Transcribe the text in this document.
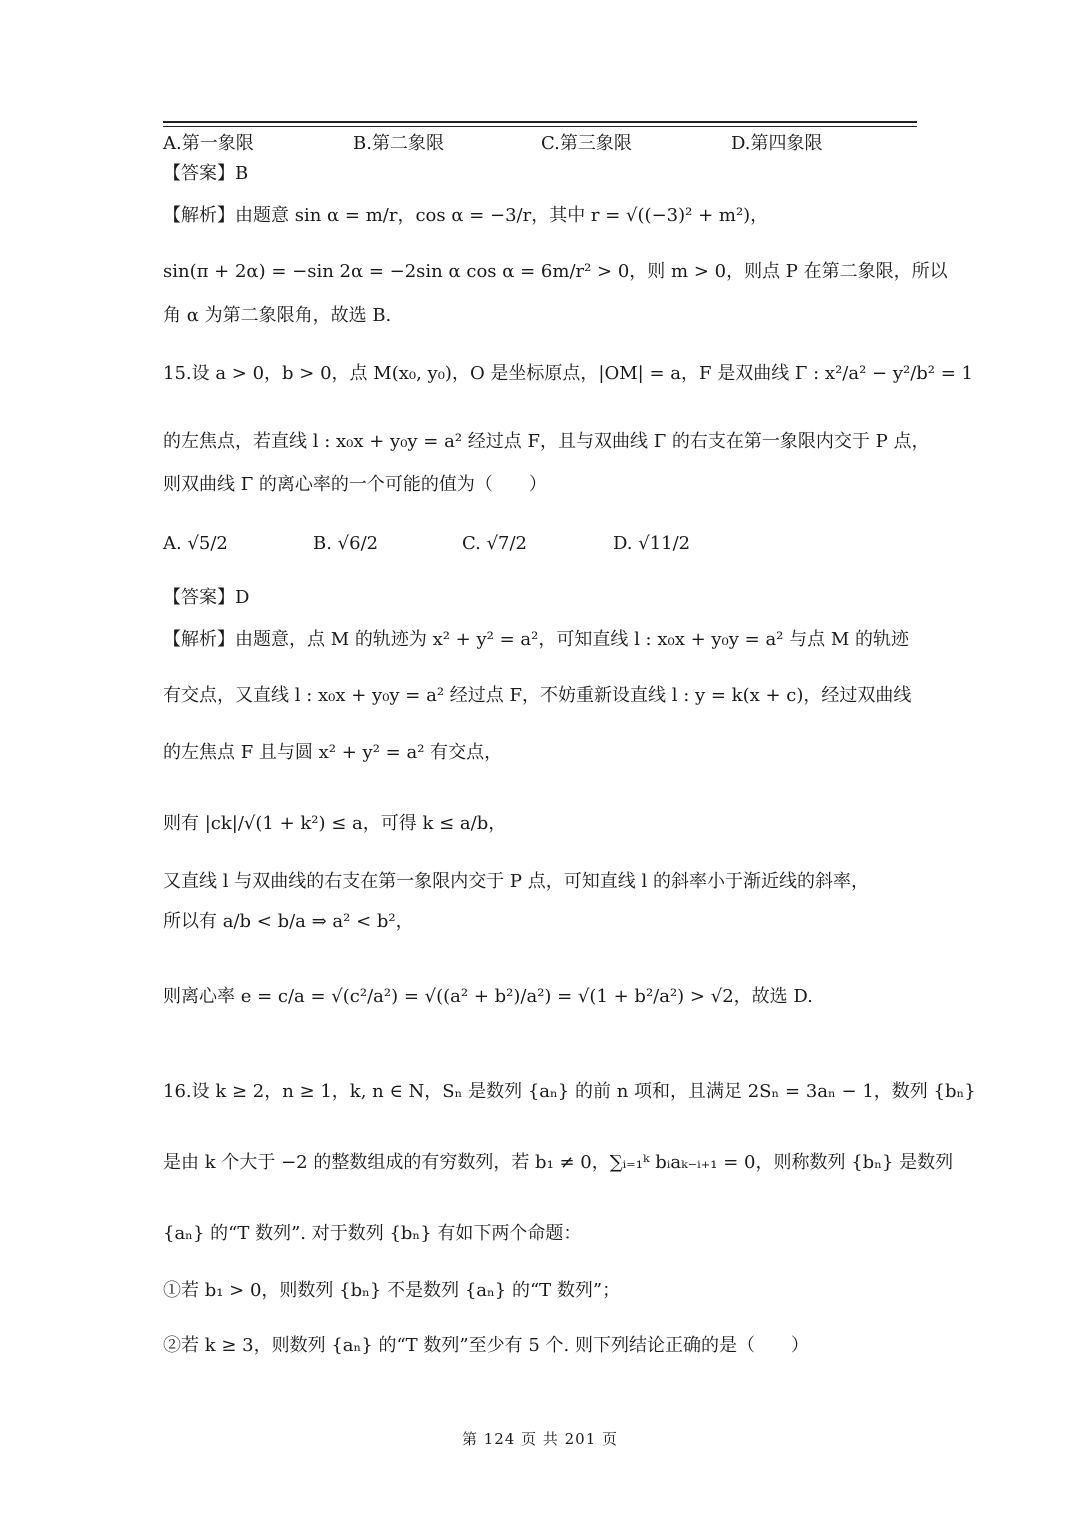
A.第一象限	B.第二象限	C.第三象限	D.第四象限
【答案】B
【解析】由题意 sin α = m/r，cos α = −3/r，其中 r = √((−3)² + m²)，
sin(π + 2α) = −sin 2α = −2sin α cos α = 6m/r² > 0，则 m > 0，则点 P 在第二象限，所以
角 α 为第二象限角，故选 B.
15.设 a > 0，b > 0，点 M(x₀, y₀)，O 是坐标原点，|OM| = a，F 是双曲线 Γ : x²/a² − y²/b² = 1
的左焦点，若直线 l : x₀x + y₀y = a² 经过点 F，且与双曲线 Γ 的右支在第一象限内交于 P 点，
则双曲线 Γ 的离心率的一个可能的值为（　　）
A. √5/2	B. √6/2	C. √7/2	D. √11/2
【答案】D
【解析】由题意，点 M 的轨迹为 x² + y² = a²，可知直线 l : x₀x + y₀y = a² 与点 M 的轨迹
有交点，又直线 l : x₀x + y₀y = a² 经过点 F，不妨重新设直线 l : y = k(x + c)，经过双曲线
的左焦点 F 且与圆 x² + y² = a² 有交点，
则有 |ck|/√(1 + k²) ≤ a，可得 k ≤ a/b，
又直线 l 与双曲线的右支在第一象限内交于 P 点，可知直线 l 的斜率小于渐近线的斜率，
所以有 a/b < b/a ⇒ a² < b²，
则离心率 e = c/a = √(c²/a²) = √((a² + b²)/a²) = √(1 + b²/a²) > √2，故选 D.
16.设 k ≥ 2，n ≥ 1，k, n ∈ N，Sₙ 是数列 {aₙ} 的前 n 项和，且满足 2Sₙ = 3aₙ − 1，数列 {bₙ}
是由 k 个大于 −2 的整数组成的有穷数列，若 b₁ ≠ 0，∑ᵢ₌₁ᵏ bᵢaₖ₋ᵢ₊₁ = 0，则称数列 {bₙ} 是数列
{aₙ} 的“T 数列”. 对于数列 {bₙ} 有如下两个命题：
①若 b₁ > 0，则数列 {bₙ} 不是数列 {aₙ} 的“T 数列”；
②若 k ≥ 3，则数列 {aₙ} 的“T 数列”至少有 5 个. 则下列结论正确的是（　　）
第 124 页 共 201 页
